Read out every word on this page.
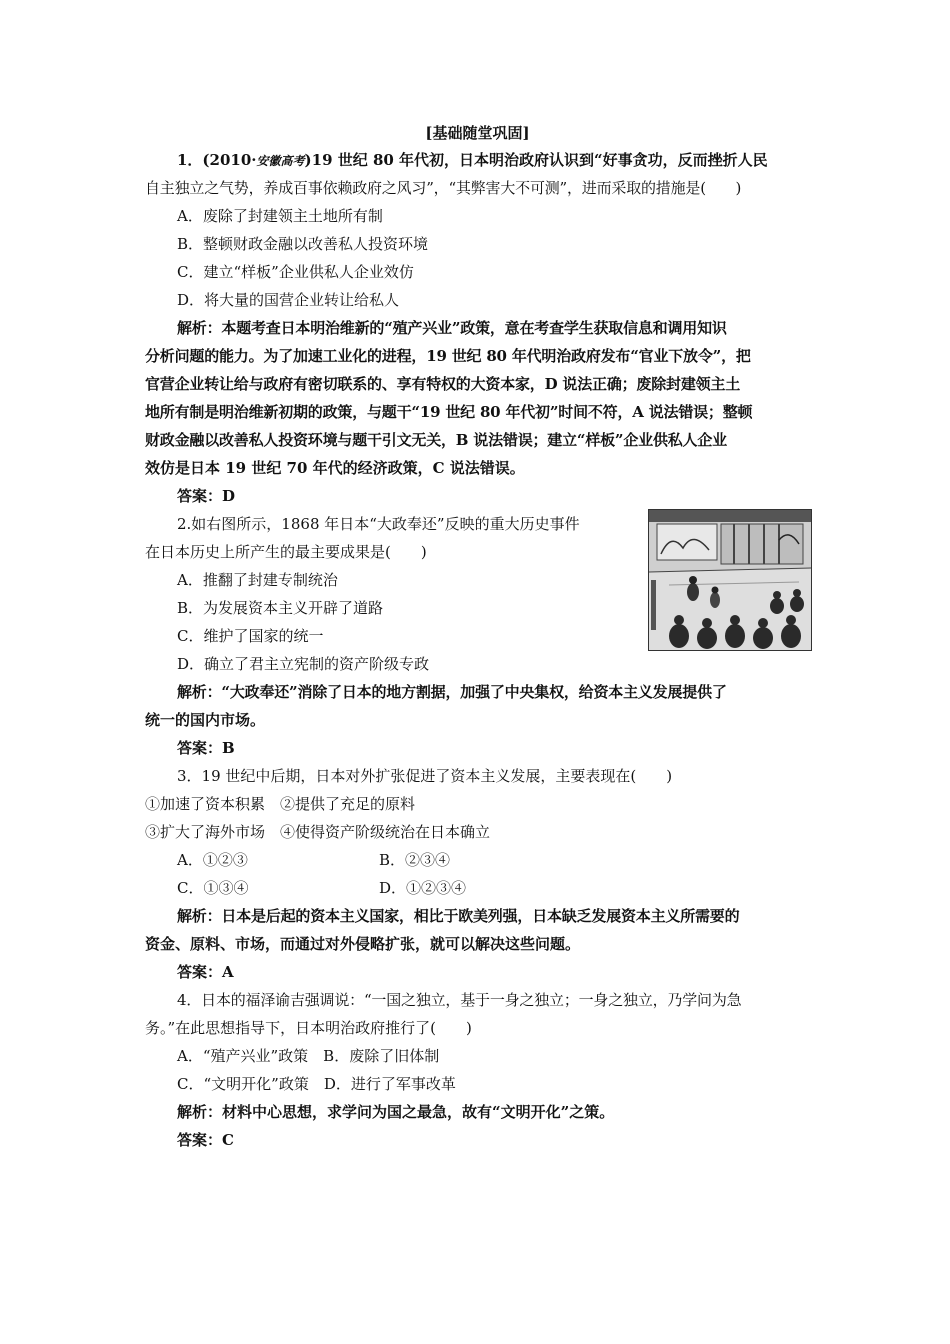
[基础随堂巩固]
1．(2010·安徽高考)19 世纪 80 年代初，日本明治政府认识到“好事贪功，反而挫折人民
自主独立之气势，养成百事依赖政府之风习”，“其弊害大不可测”，进而采取的措施是(　　)
A．废除了封建领主土地所有制
B．整顿财政金融以改善私人投资环境
C．建立“样板”企业供私人企业效仿
D．将大量的国营企业转让给私人
解析：本题考查日本明治维新的“殖产兴业”政策，意在考查学生获取信息和调用知识
分析问题的能力。为了加速工业化的进程，19 世纪 80 年代明治政府发布“官业下放令”，把
官营企业转让给与政府有密切联系的、享有特权的大资本家，D 说法正确；废除封建领主土
地所有制是明治维新初期的政策，与题干“19 世纪 80 年代初”时间不符，A 说法错误；整顿
财政金融以改善私人投资环境与题干引文无关，B 说法错误；建立“样板”企业供私人企业
效仿是日本 19 世纪 70 年代的经济政策，C 说法错误。
答案：D
2.如右图所示，1868 年日本“大政奉还”反映的重大历史事件
在日本历史上所产生的最主要成果是(　　)
A．推翻了封建专制统治
B．为发展资本主义开辟了道路
C．维护了国家的统一
D．确立了君主立宪制的资产阶级专政
解析：“大政奉还”消除了日本的地方割据，加强了中央集权，给资本主义发展提供了
统一的国内市场。
答案：B
3．19 世纪中后期，日本对外扩张促进了资本主义发展，主要表现在(　　)
①加速了资本积累　②提供了充足的原料
③扩大了海外市场　④使得资产阶级统治在日本确立
A．①②③	B．②③④
C．①③④	D．①②③④
解析：日本是后起的资本主义国家，相比于欧美列强，日本缺乏发展资本主义所需要的
资金、原料、市场，而通过对外侵略扩张，就可以解决这些问题。
答案：A
4．日本的福泽谕吉强调说：“一国之独立，基于一身之独立；一身之独立，乃学问为急
务。”在此思想指导下，日本明治政府推行了(　　)
A．“殖产兴业”政策　B．废除了旧体制
C．“文明开化”政策　D．进行了军事改革
解析：材料中心思想，求学问为国之最急，故有“文明开化”之策。
答案：C
